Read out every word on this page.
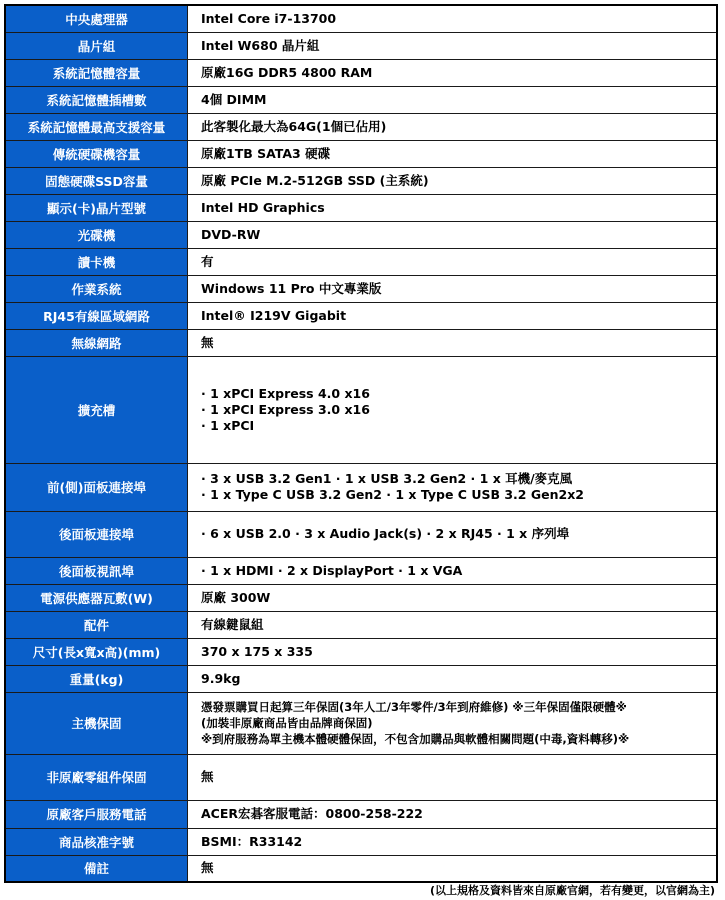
中央處理器	Intel Core i7-13700

晶片組	Intel W680 晶片組

系統記憶體容量	原廠16G DDR5 4800 RAM

系統記憶體插槽數	4個 DIMM

系統記憶體最高支援容量	此客製化最大為64G(1個已佔用)

傳統硬碟機容量	原廠1TB SATA3 硬碟

固態硬碟SSD容量	原廠 PCIe M.2-512GB SSD (主系統)

顯示(卡)晶片型號	Intel HD Graphics

光碟機	DVD-RW

讀卡機	有

作業系統	Windows 11 Pro 中文專業版

RJ45有線區域網路	Intel® I219V Gigabit

無線網路	無

擴充槽	· 1 xPCI Express 4.0 x16
· 1 xPCI Express 3.0 x16
· 1 xPCI

前(側)面板連接埠	· 3 x USB 3.2 Gen1 · 1 x USB 3.2 Gen2 · 1 x 耳機/麥克風
· 1 x Type C USB 3.2 Gen2 · 1 x Type C USB 3.2 Gen2x2

後面板連接埠	· 6 x USB 2.0 · 3 x Audio Jack(s) · 2 x RJ45 · 1 x 序列埠

後面板視訊埠	· 1 x HDMI · 2 x DisplayPort · 1 x VGA

電源供應器瓦數(W)	原廠 300W

配件	有線鍵鼠組

尺寸(長x寬x高)(mm)	370 x 175 x 335

重量(kg)	9.9kg

主機保固	憑發票購買日起算三年保固(3年人工/3年零件/3年到府維修) ※三年保固僅限硬體※
(加裝非原廠商品皆由品牌商保固)
※到府服務為單主機本體硬體保固，不包含加購品與軟體相關問題(中毒,資料轉移)※

非原廠零組件保固	無

原廠客戶服務電話	ACER宏碁客服電話：0800-258-222

商品核准字號	BSMI：R33142

備註	無
(以上規格及資料皆來自原廠官網，若有變更，以官網為主)
